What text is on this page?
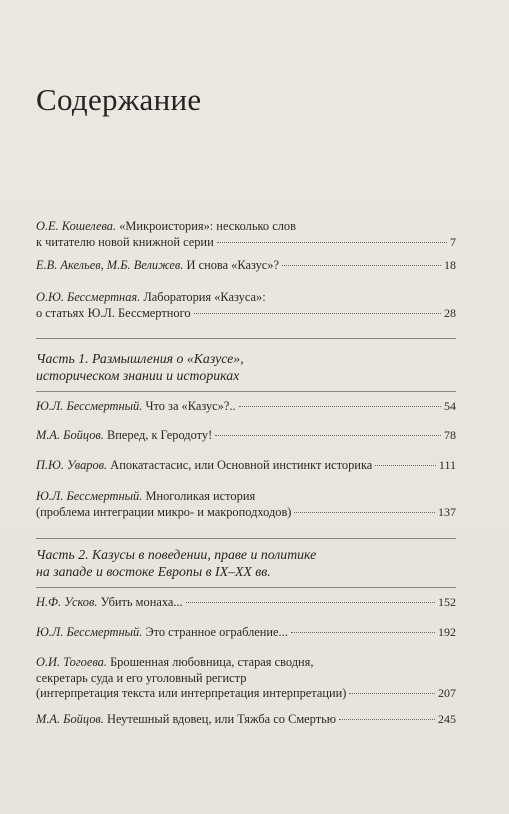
Содержание
О.Е. Кошелева.
«Микроистория»: несколько слов
к читателю новой книжной серии	7
Е.В. Акельев, М.Б. Велижев.
И снова «Казус»?	18
О.Ю. Бессмертная.
Лаборатория «Казуса»:
о статьях Ю.Л. Бессмертного	28
Часть 1. Размышления о «Казусе»,
историческом знании и историках
Ю.Л. Бессмертный.
Что за «Казус»?..	54
М.А. Бойцов.
Вперед, к Геродоту!	78
П.Ю. Уваров.
Апокатастасис, или Основной инстинкт историка	111
Ю.Л. Бессмертный.
Многоликая история
(проблема интеграции микро- и макроподходов)	137
Часть 2. Казусы в поведении, праве и политике
на западе и востоке Европы в IX–XX вв.
Н.Ф. Усков.
Убить монаха...	152
Ю.Л. Бессмертный.
Это странное ограбление...	192
О.И. Тогоева.
Брошенная любовница, старая сводня,
секретарь суда и его уголовный регистр
(интерпретация текста или интерпретация интерпретации)	207
М.А. Бойцов.
Неутешный вдовец, или Тяжба со Смертью	245
